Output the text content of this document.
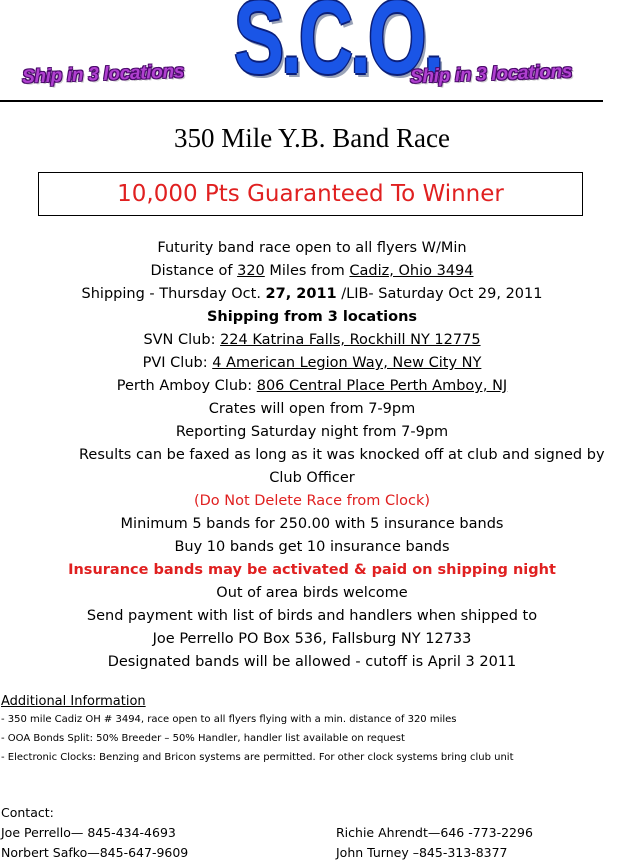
Ship in 3 locations S.C.O.
Ship in 3 locations
350 Mile Y.B. Band Race
10,000 Pts Guaranteed To Winner
Futurity band race open to all flyers W/Min
Distance of 320 Miles from Cadiz, Ohio 3494
Shipping - Thursday Oct. 27, 2011 /LIB- Saturday Oct 29, 2011
Shipping from 3 locations
SVN Club: 224 Katrina Falls, Rockhill NY 12775
PVI Club: 4 American Legion Way, New City NY
Perth Amboy Club: 806 Central Place Perth Amboy, NJ
Crates will open from 7-9pm
Reporting Saturday night from 7-9pm
Results can be faxed as long as it was knocked off at club and signed by
Club Officer
(Do Not Delete Race from Clock)
Minimum 5 bands for 250.00 with 5 insurance bands
Buy 10 bands get 10 insurance bands
Insurance bands may be activated & paid on shipping night
Out of area birds welcome
Send payment with list of birds and handlers when shipped to
Joe Perrello PO Box 536, Fallsburg NY 12733
Designated bands will be allowed - cutoff is April 3 2011
Additional Information
- 350 mile Cadiz OH # 3494, race open to all flyers flying with a min. distance of 320 miles
- OOA Bonds Split: 50% Breeder – 50% Handler, handler list available on request
- Electronic Clocks: Benzing and Bricon systems are permitted. For other clock systems bring club unit
Contact:
Joe Perrello— 845-434-4693	Richie Ahrendt—646 -773-2296
Norbert Safko—845-647-9609	John Turney –845-313-8377
